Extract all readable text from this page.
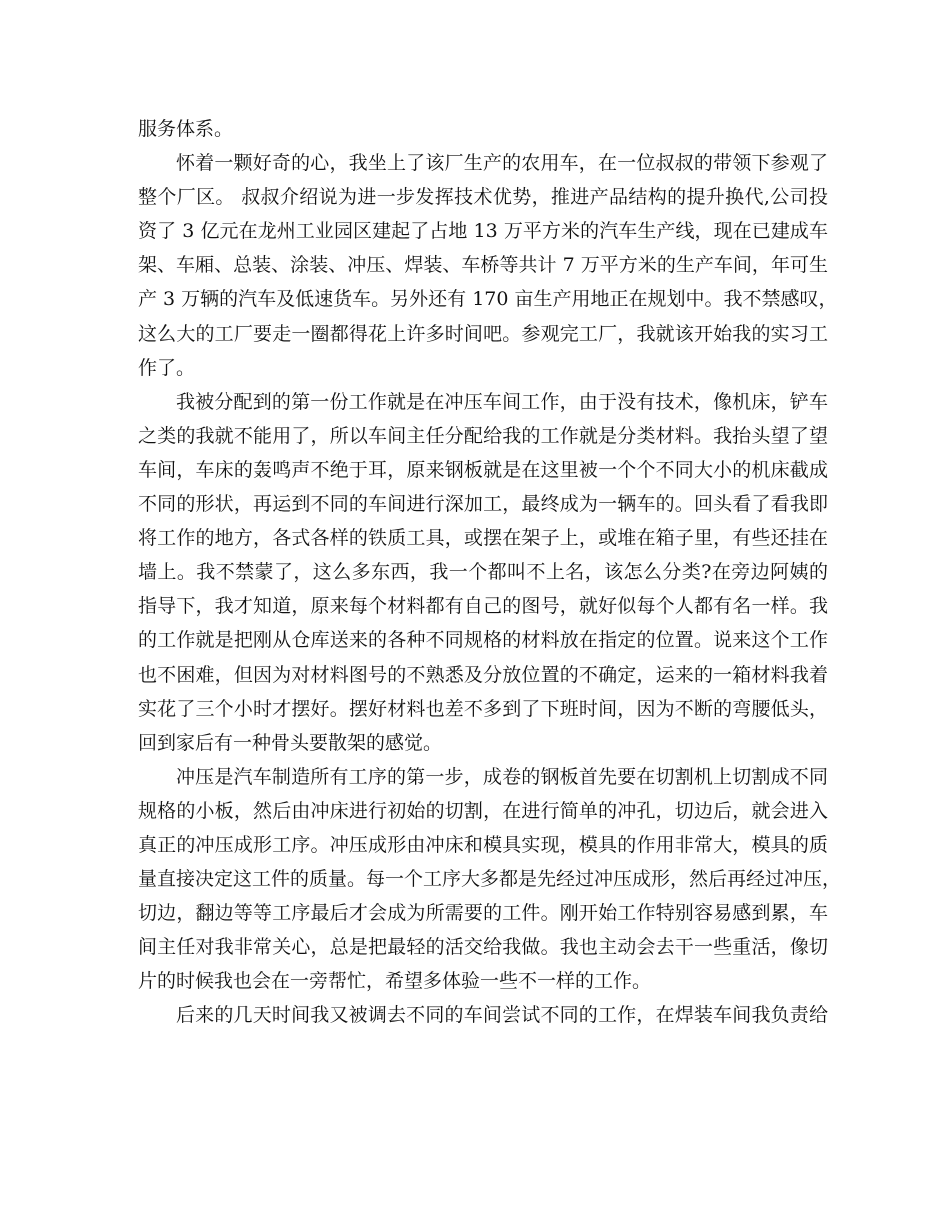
服务体系。
怀着一颗好奇的心，我坐上了该厂生产的农用车，在一位叔叔的带领下参观了
整个厂区。 叔叔介绍说为进一步发挥技术优势，推进产品结构的提升换代,公司投
资了 3 亿元在龙州工业园区建起了占地 13 万平方米的汽车生产线，现在已建成车
架、车厢、总装、涂装、冲压、焊装、车桥等共计 7 万平方米的生产车间，年可生
产 3 万辆的汽车及低速货车。另外还有 170 亩生产用地正在规划中。我不禁感叹，
这么大的工厂要走一圈都得花上许多时间吧。参观完工厂，我就该开始我的实习工
作了。
我被分配到的第一份工作就是在冲压车间工作，由于没有技术，像机床，铲车
之类的我就不能用了，所以车间主任分配给我的工作就是分类材料。我抬头望了望
车间，车床的轰鸣声不绝于耳，原来钢板就是在这里被一个个不同大小的机床截成
不同的形状，再运到不同的车间进行深加工，最终成为一辆车的。回头看了看我即
将工作的地方，各式各样的铁质工具，或摆在架子上，或堆在箱子里，有些还挂在
墙上。我不禁蒙了，这么多东西，我一个都叫不上名，该怎么分类?在旁边阿姨的
指导下，我才知道，原来每个材料都有自己的图号，就好似每个人都有名一样。我
的工作就是把刚从仓库送来的各种不同规格的材料放在指定的位置。说来这个工作
也不困难，但因为对材料图号的不熟悉及分放位置的不确定，运来的一箱材料我着
实花了三个小时才摆好。摆好材料也差不多到了下班时间，因为不断的弯腰低头，
回到家后有一种骨头要散架的感觉。
冲压是汽车制造所有工序的第一步，成卷的钢板首先要在切割机上切割成不同
规格的小板，然后由冲床进行初始的切割，在进行简单的冲孔，切边后，就会进入
真正的冲压成形工序。冲压成形由冲床和模具实现，模具的作用非常大，模具的质
量直接决定这工件的质量。每一个工序大多都是先经过冲压成形，然后再经过冲压，
切边，翻边等等工序最后才会成为所需要的工件。刚开始工作特别容易感到累，车
间主任对我非常关心，总是把最轻的活交给我做。我也主动会去干一些重活，像切
片的时候我也会在一旁帮忙，希望多体验一些不一样的工作。
后来的几天时间我又被调去不同的车间尝试不同的工作，在焊装车间我负责给
